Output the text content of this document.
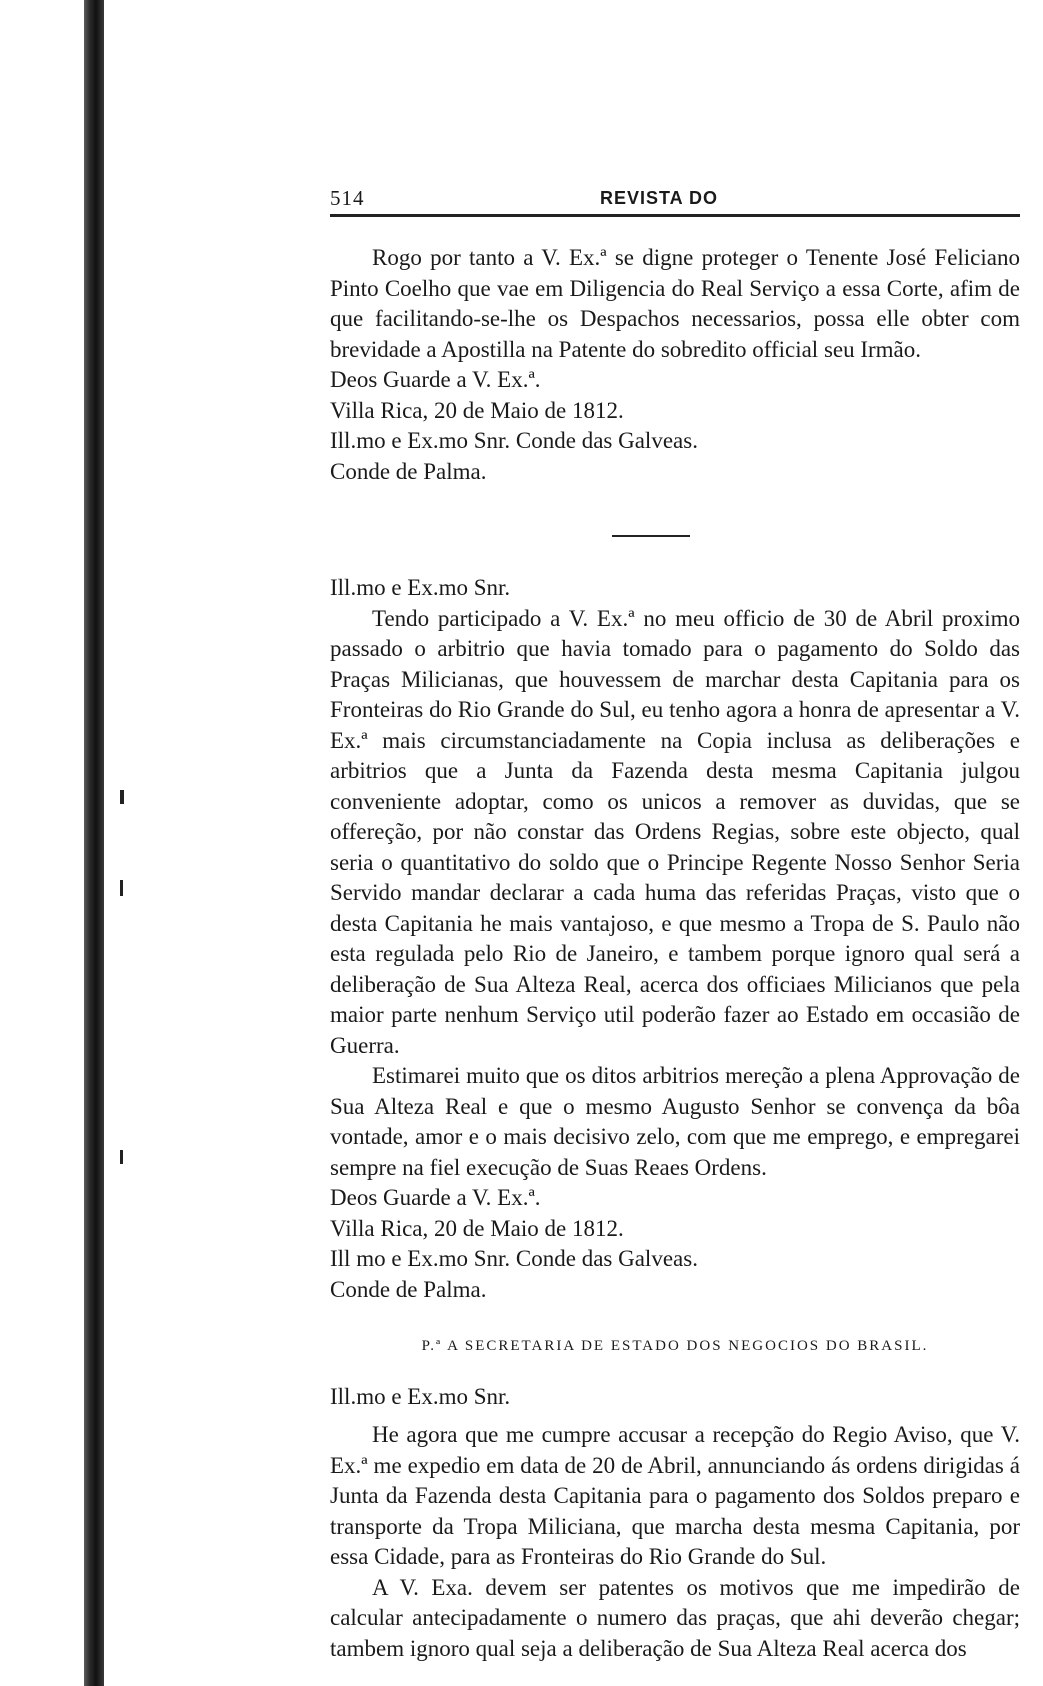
514	REVISTA DO

Rogo por tanto a V. Ex.ª se digne proteger o Tenente José Feliciano Pinto Coelho que vae em Diligencia do Real Serviço a essa Corte, afim de que facilitando-se-lhe os Despachos necessarios, possa elle obter com brevidade a Apostilla na Patente do sobredito official seu Irmão.

Deos Guarde a V. Ex.ª.

Villa Rica, 20 de Maio de 1812.

Ill.mo e Ex.mo Snr. Conde das Galveas.

Conde de Palma.

Ill.mo e Ex.mo Snr.

Tendo participado a V. Ex.ª no meu officio de 30 de Abril proximo passado o arbitrio que havia tomado para o pagamento do Soldo das Praças Milicianas, que houvessem de marchar desta Capitania para os Fronteiras do Rio Grande do Sul, eu tenho agora a honra de apresentar a V. Ex.ª mais circumstanciadamente na Copia inclusa as deliberações e arbitrios que a Junta da Fazenda desta mesma Capitania julgou conveniente adoptar, como os unicos a remover as duvidas, que se offereção, por não constar das Ordens Regias, sobre este objecto, qual seria o quantitativo do soldo que o Principe Regente Nosso Senhor Seria Servido mandar declarar a cada huma das referidas Praças, visto que o desta Capitania he mais vantajoso, e que mesmo a Tropa de S. Paulo não esta regulada pelo Rio de Janeiro, e tambem porque ignoro qual será a deliberação de Sua Alteza Real, acerca dos officiaes Milicianos que pela maior parte nenhum Serviço util poderão fazer ao Estado em occasião de Guerra.

Estimarei muito que os ditos arbitrios mereção a plena Approvação de Sua Alteza Real e que o mesmo Augusto Senhor se convença da bôa vontade, amor e o mais decisivo zelo, com que me emprego, e empregarei sempre na fiel execução de Suas Reaes Ordens.

Deos Guarde a V. Ex.ª.

Villa Rica, 20 de Maio de 1812.

Ill mo e Ex.mo Snr. Conde das Galveas.

Conde de Palma.

P.ª A SECRETARIA DE ESTADO DOS NEGOCIOS DO BRASIL.

Ill.mo e Ex.mo Snr.

He agora que me cumpre accusar a recepção do Regio Aviso, que V. Ex.ª me expedio em data de 20 de Abril, annunciando ás ordens dirigidas á Junta da Fazenda desta Capitania para o pagamento dos Soldos preparo e transporte da Tropa Miliciana, que marcha desta mesma Capitania, por essa Cidade, para as Fronteiras do Rio Grande do Sul.

A V. Exa. devem ser patentes os motivos que me impedirão de calcular antecipadamente o numero das praças, que ahi deverão chegar; tambem ignoro qual seja a deliberação de Sua Alteza Real acerca dos
